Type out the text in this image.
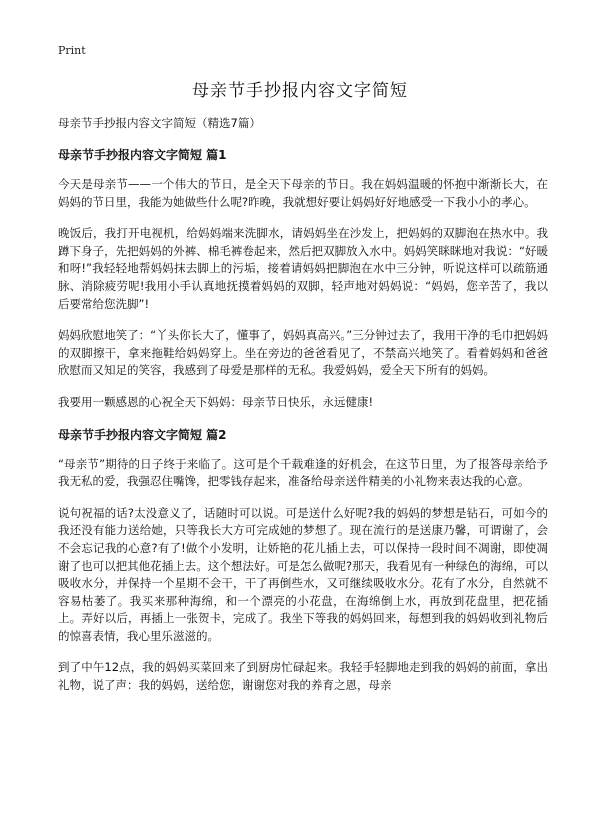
Print
母亲节手抄报内容文字简短

母亲节手抄报内容文字简短（精选7篇）

母亲节手抄报内容文字简短 篇1

今天是母亲节——一个伟大的节日，是全天下母亲的节日。我在妈妈温暖的怀抱中渐渐长大，在妈妈的节日里，我能为她做些什么呢?昨晚，我就想好要让妈妈好好地感受一下我小小的孝心。

晚饭后，我打开电视机，给妈妈端来洗脚水，请妈妈坐在沙发上，把妈妈的双脚泡在热水中。我蹲下身子，先把妈妈的外裤、棉毛裤卷起来，然后把双脚放入水中。妈妈笑眯眯地对我说：“好暖和呀!”我轻轻地帮妈妈抹去脚上的污垢，接着请妈妈把脚泡在水中三分钟，听说这样可以疏筋通脉、消除疲劳呢!我用小手认真地抚摸着妈妈的双脚，轻声地对妈妈说：“妈妈，您辛苦了，我以后要常给您洗脚”!

妈妈欣慰地笑了：“丫头你长大了，懂事了，妈妈真高兴。”三分钟过去了，我用干净的毛巾把妈妈的双脚擦干，拿来拖鞋给妈妈穿上。坐在旁边的爸爸看见了，不禁高兴地笑了。看着妈妈和爸爸欣慰而又知足的笑容，我感到了母爱是那样的无私。我爱妈妈，爱全天下所有的妈妈。

我要用一颗感恩的心祝全天下妈妈：母亲节日快乐，永远健康!

母亲节手抄报内容文字简短 篇2

“母亲节”期待的日子终于来临了。这可是个千载难逢的好机会，在这节日里，为了报答母亲给予我无私的爱，我强忍住嘴馋，把零钱存起来，准备给母亲送件精美的小礼物来表达我的心意。

说句祝福的话?太没意义了，话随时可以说。可是送什么好呢?我的妈妈的梦想是钻石，可如今的我还没有能力送给她，只等我长大方可完成她的梦想了。现在流行的是送康乃馨，可谓谢了，会不会忘记我的心意?有了!做个小发明，让娇艳的花儿插上去，可以保持一段时间不凋谢，即使凋谢了也可以把其他花插上去。这个想法好。可是怎么做呢?那天，我看见有一种绿色的海绵，可以吸收水分，并保持一个星期不会干，干了再倒些水，又可继续吸收水分。花有了水分，自然就不容易枯萎了。我买来那种海绵，和一个漂亮的小花盘，在海绵倒上水，再放到花盘里，把花插上。弄好以后，再插上一张贺卡，完成了。我坐下等我的妈妈回来，每想到我的妈妈收到礼物后的惊喜表情，我心里乐滋滋的。

到了中午12点，我的妈妈买菜回来了到厨房忙碌起来。我轻手轻脚地走到我的妈妈的前面，拿出礼物，说了声：我的妈妈，送给您，谢谢您对我的养育之恩，母亲
